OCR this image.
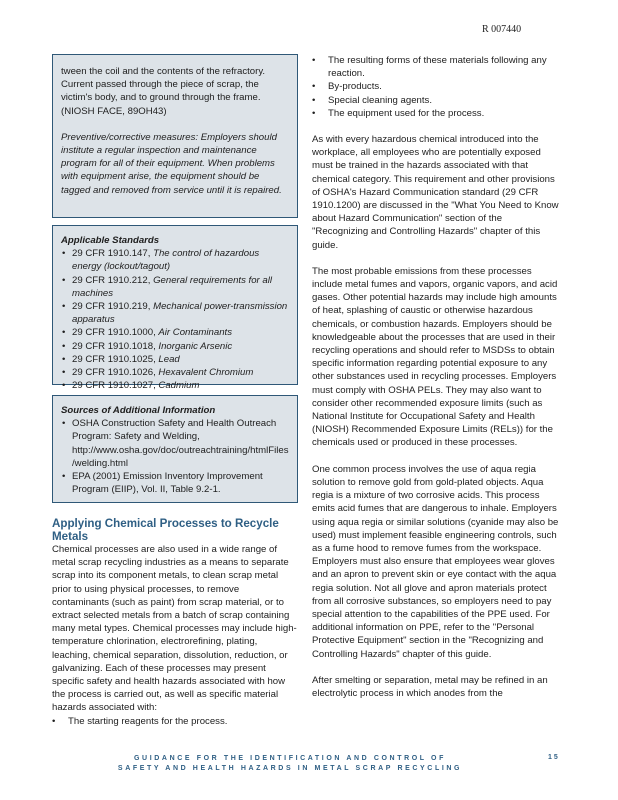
R 007440

tween the coil and the contents of the refractory. Current passed through the piece of scrap, the victim's body, and to ground through the frame. (NIOSH FACE, 89OH43)

Preventive/corrective measures: Employers should institute a regular inspection and maintenance program for all of their equipment. When problems with equipment arise, the equipment should be tagged and removed from service until it is repaired.

Applicable Standards
• 29 CFR 1910.147, The control of hazardous energy (lockout/tagout)
• 29 CFR 1910.212, General requirements for all machines
• 29 CFR 1910.219, Mechanical power-transmission apparatus
• 29 CFR 1910.1000, Air Contaminants
• 29 CFR 1910.1018, Inorganic Arsenic
• 29 CFR 1910.1025, Lead
• 29 CFR 1910.1026, Hexavalent Chromium
• 29 CFR 1910.1027, Cadmium
Sources of Additional Information
• OSHA Construction Safety and Health Outreach Program: Safety and Welding, http://www.osha.gov/doc/outreachtraining/htmlFiles/welding.html
• EPA (2001) Emission Inventory Improvement Program (EIIP), Vol. II, Table 9.2-1.
Applying Chemical Processes to Recycle Metals

Chemical processes are also used in a wide range of metal scrap recycling industries as a means to separate scrap into its component metals, to clean scrap metal prior to using physical processes, to remove contaminants (such as paint) from scrap material, or to extract selected metals from a batch of scrap containing many metal types. Chemical processes may include high-temperature chlorination, electrorefining, plating, leaching, chemical separation, dissolution, reduction, or galvanizing. Each of these processes may present specific safety and health hazards associated with how the process is carried out, as well as specific material hazards associated with:

• The starting reagents for the process.
• The resulting forms of these materials following any reaction.
• By-products.
• Special cleaning agents.
• The equipment used for the process.

As with every hazardous chemical introduced into the workplace, all employees who are potentially exposed must be trained in the hazards associated with that chemical category. This requirement and other provisions of OSHA's Hazard Communication standard (29 CFR 1910.1200) are discussed in the "What You Need to Know about Hazard Communication" section of the "Recognizing and Controlling Hazards" chapter of this guide.

The most probable emissions from these processes include metal fumes and vapors, organic vapors, and acid gases. Other potential hazards may include high amounts of heat, splashing of caustic or otherwise hazardous chemicals, or combustion hazards. Employers should be knowledgeable about the processes that are used in their recycling operations and should refer to MSDSs to obtain specific information regarding potential exposure to any other substances used in recycling processes. Employers must comply with OSHA PELs. They may also want to consider other recommended exposure limits (such as National Institute for Occupational Safety and Health (NIOSH) Recommended Exposure Limits (RELs)) for the chemicals used or produced in these processes.

One common process involves the use of aqua regia solution to remove gold from gold-plated objects. Aqua regia is a mixture of two corrosive acids. This process emits acid fumes that are dangerous to inhale. Employers using aqua regia or similar solutions (cyanide may also be used) must implement feasible engineering controls, such as a fume hood to remove fumes from the workspace. Employers must also ensure that employees wear gloves and an apron to prevent skin or eye contact with the aqua regia solution. Not all glove and apron materials protect from all corrosive substances, so employers need to pay special attention to the capabilities of the PPE used. For additional information on PPE, refer to the "Personal Protective Equipment" section in the "Recognizing and Controlling Hazards" chapter of this guide.

After smelting or separation, metal may be refined in an electrolytic process in which anodes from the

GUIDANCE FOR THE IDENTIFICATION AND CONTROL OF
SAFETY AND HEALTH HAZARDS IN METAL SCRAP RECYCLING
15
